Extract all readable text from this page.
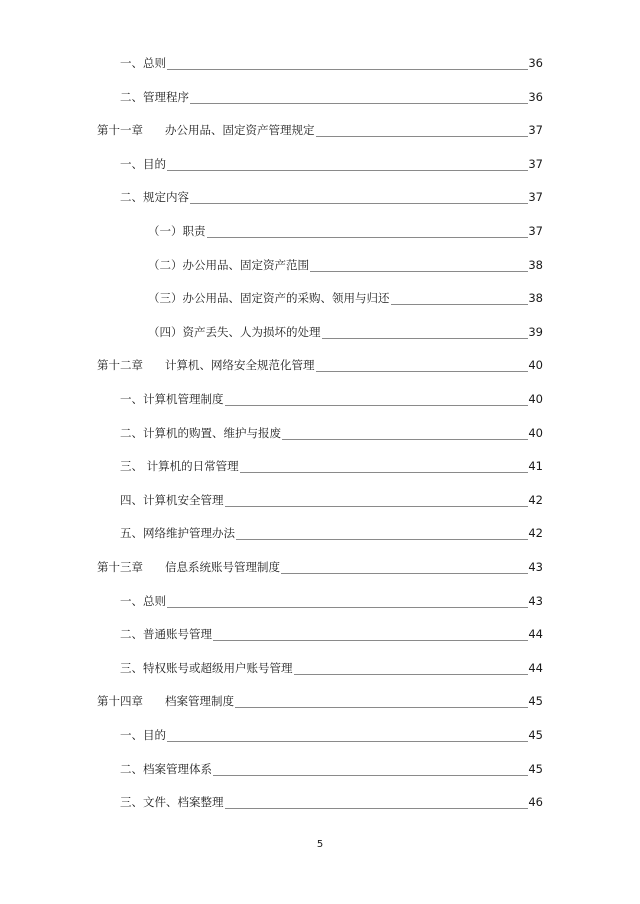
一、总则	36
二、管理程序	36
第十一章 办公用品、固定资产管理规定	37
一、目的	37
二、规定内容	37
（一）职责	37
（二）办公用品、固定资产范围	38
（三）办公用品、固定资产的采购、领用与归还	38
（四）资产丢失、人为损坏的处理	39
第十二章 计算机、网络安全规范化管理	40
一、计算机管理制度	40
二、计算机的购置、维护与报废	40
三、 计算机的日常管理	41
四、计算机安全管理	42
五、网络维护管理办法	42
第十三章 信息系统账号管理制度	43
一、总则	43
二、普通账号管理	44
三、特权账号或超级用户账号管理	44
第十四章 档案管理制度	45
一、目的	45
二、档案管理体系	45
三、文件、档案整理	46
5
